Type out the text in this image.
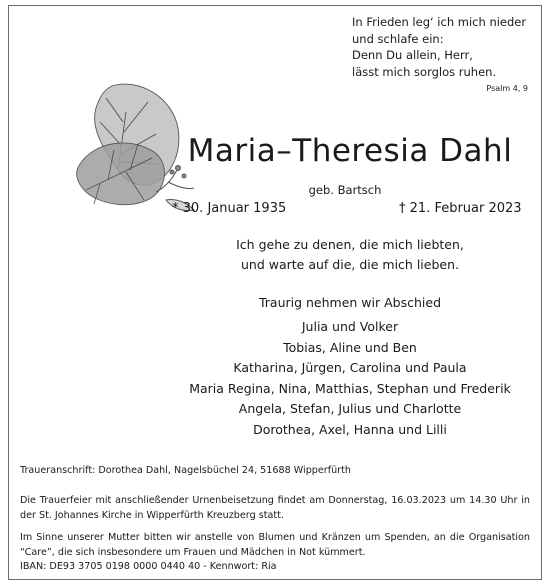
In Frieden leg‘ ich mich nieder
und schlafe ein:
Denn Du allein, Herr,
lässt mich sorglos ruhen.
Psalm 4, 9
Maria–Theresia Dahl
geb. Bartsch
* 30. Januar 1935	† 21. Februar 2023
Ich gehe zu denen, die mich liebten,
und warte auf die, die mich lieben.
Traurig nehmen wir Abschied
Julia und Volker
Tobias, Aline und Ben
Katharina, Jürgen, Carolina und Paula
Maria Regina, Nina, Matthias, Stephan und Frederik
Angela, Stefan, Julius und Charlotte
Dorothea, Axel, Hanna und Lilli
Traueranschrift: Dorothea Dahl, Nagelsbüchel 24, 51688 Wipperfürth
Die Trauerfeier mit anschließender Urnenbeisetzung findet am Donnerstag, 16.03.2023 um 14.30 Uhr in der St. Johannes Kirche in Wipperfürth Kreuzberg statt.
Im Sinne unserer Mutter bitten wir anstelle von Blumen und Kränzen um Spenden, an die Organisation “Care”, die sich insbesondere um Frauen und Mädchen in Not kümmert.
IBAN: DE93 3705 0198 0000 0440 40 - Kennwort: Ria
